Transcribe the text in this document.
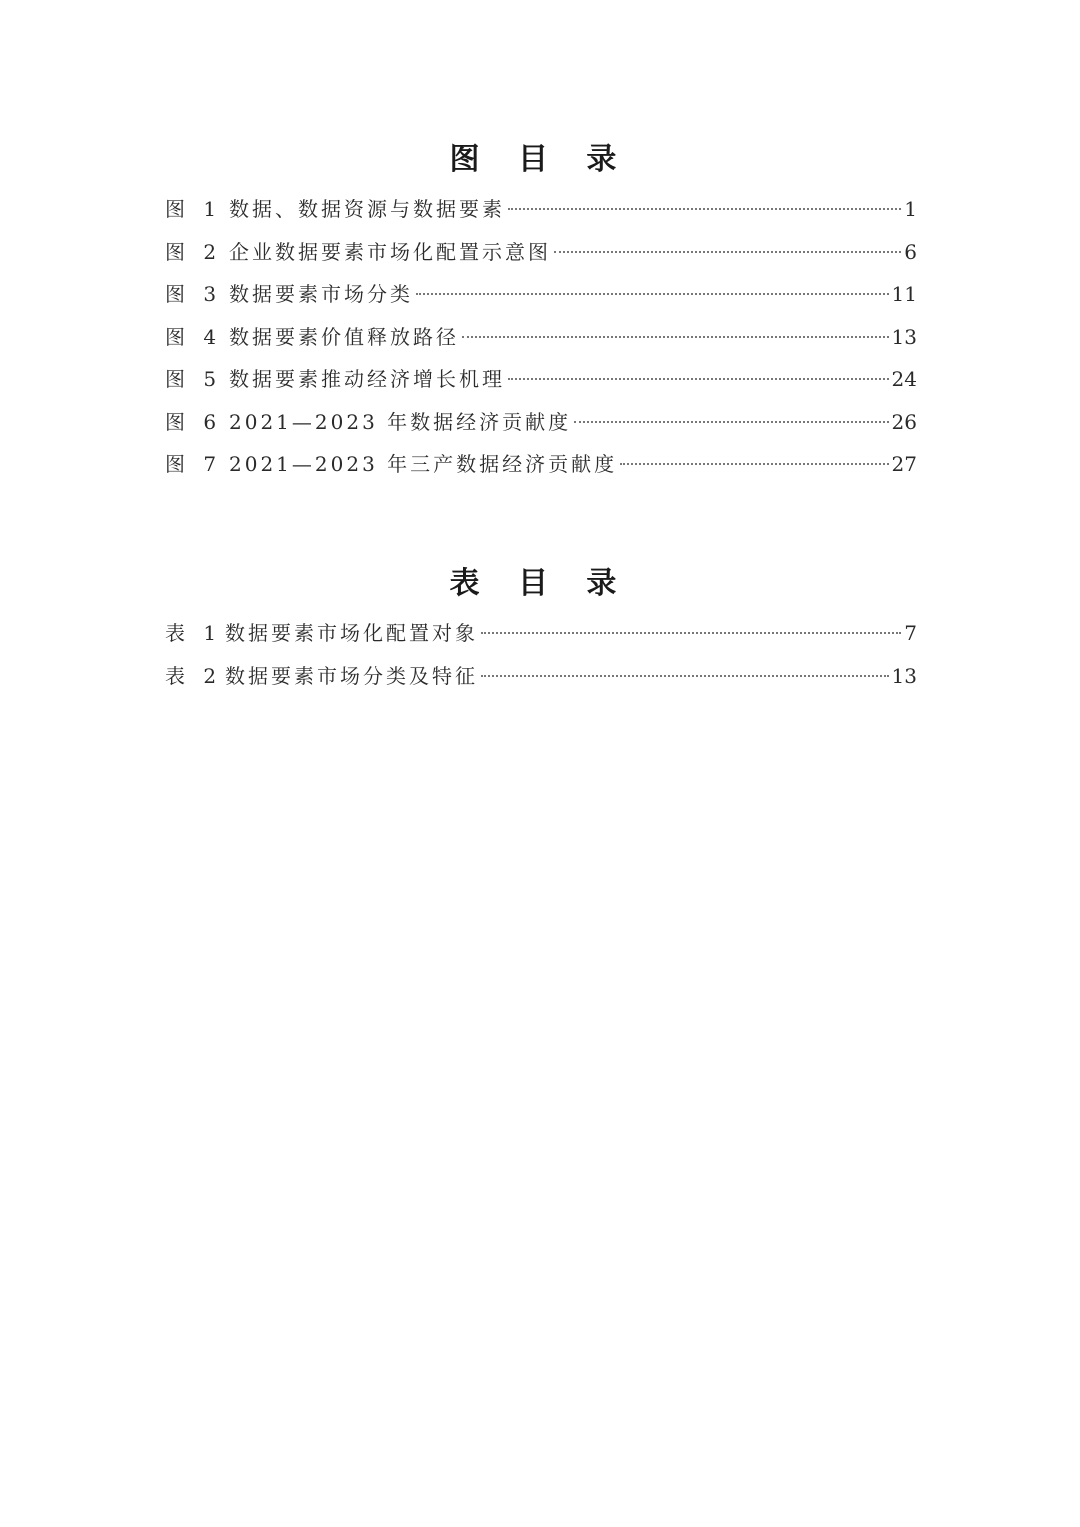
图 目 录
图 1 数据、数据资源与数据要素	1
图 2 企业数据要素市场化配置示意图	6
图 3 数据要素市场分类	11
图 4 数据要素价值释放路径	13
图 5 数据要素推动经济增长机理	24
图 6 2021—2023 年数据经济贡献度	26
图 7 2021—2023 年三产数据经济贡献度	27
表 目 录
表 1 数据要素市场化配置对象	7
表 2 数据要素市场分类及特征	13
